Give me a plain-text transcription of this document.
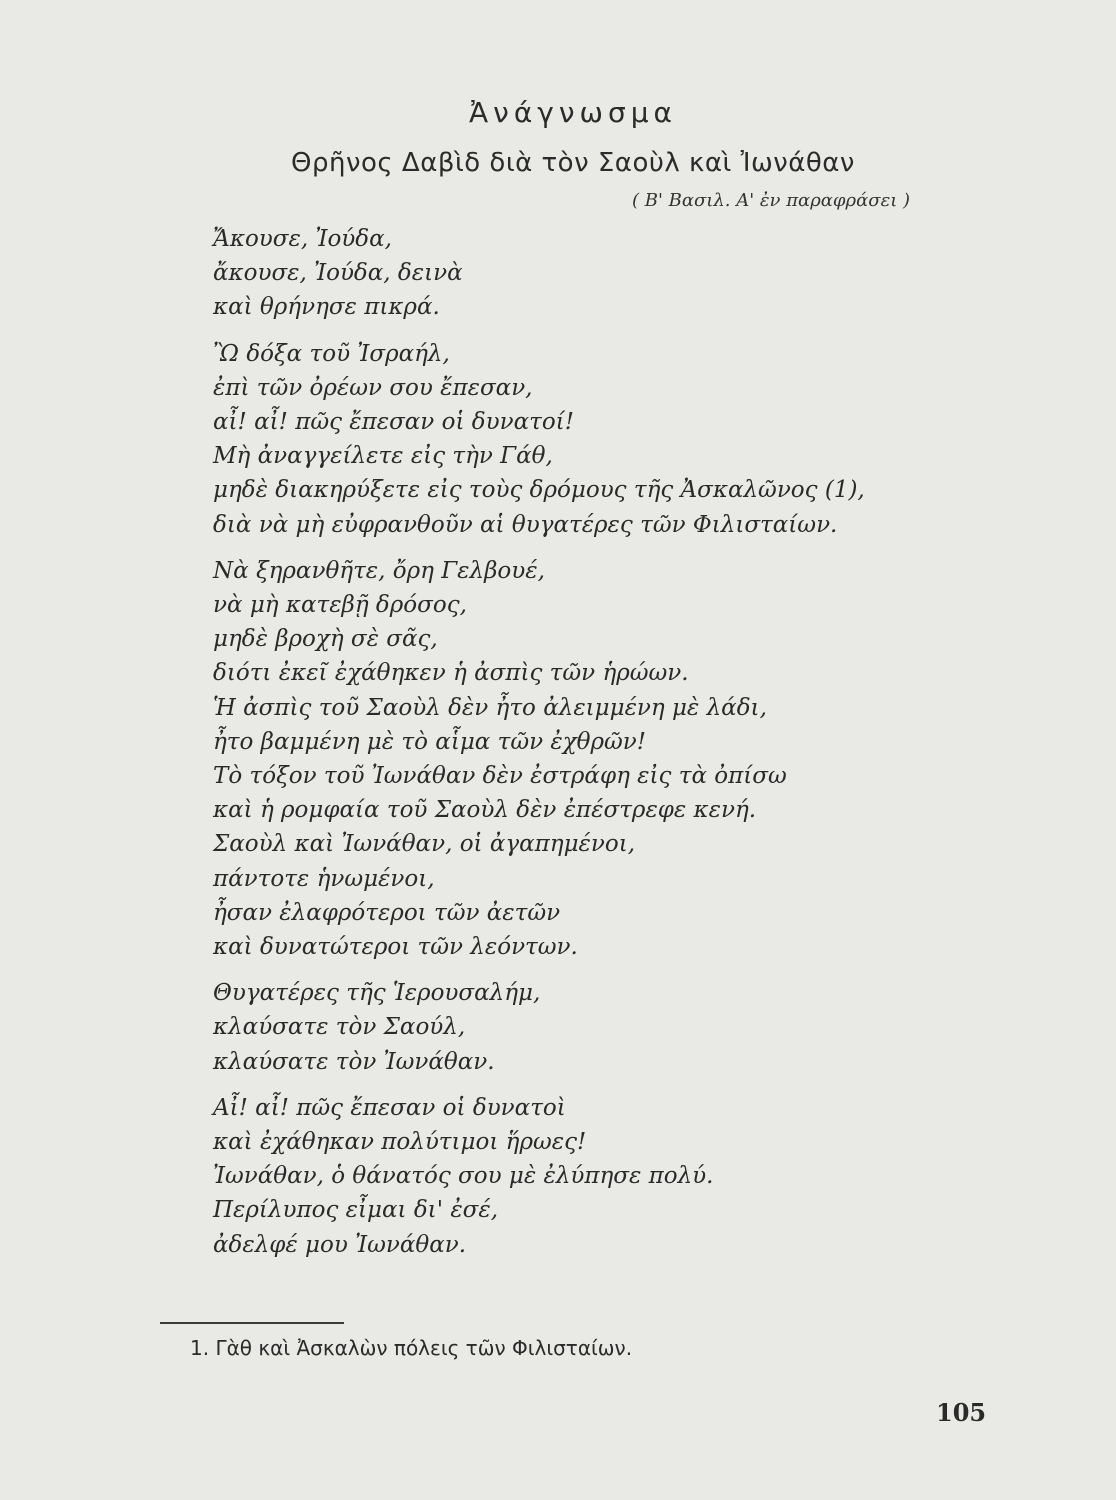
Ἀνάγνωσμα
Θρῆνος Δαβὶδ διὰ τὸν Σαοὺλ καὶ Ἰωνάθαν
( Β' Βασιλ. Α' ἐν παραφράσει )
Ἄκουσε, Ἰούδα,
ἄκουσε, Ἰούδα, δεινὰ
καὶ θρήνησε πικρά.
Ὢ δόξα τοῦ Ἰσραήλ,
ἐπὶ τῶν ὀρέων σου ἔπεσαν,
αἶ! αἶ! πῶς ἔπεσαν οἱ δυνατοί!
Μὴ ἀναγγείλετε εἰς τὴν Γάθ,
μηδὲ διακηρύξετε εἰς τοὺς δρόμους τῆς Ἀσκαλῶνος (1),
διὰ νὰ μὴ εὐφρανθοῦν αἱ θυγατέρες τῶν Φιλισταίων.
Νὰ ξηρανθῆτε, ὄρη Γελβουέ,
νὰ μὴ κατεβῇ δρόσος,
μηδὲ βροχὴ σὲ σᾶς,
διότι ἐκεῖ ἐχάθηκεν ἡ ἀσπὶς τῶν ἡρώων.
Ἡ ἀσπὶς τοῦ Σαοὺλ δὲν ἦτο ἀλειμμένη μὲ λάδι,
ἦτο βαμμένη μὲ τὸ αἷμα τῶν ἐχθρῶν!
Τὸ τόξον τοῦ Ἰωνάθαν δὲν ἐστράφη εἰς τὰ ὀπίσω
καὶ ἡ ρομφαία τοῦ Σαοὺλ δὲν ἐπέστρεφε κενή.
Σαοὺλ καὶ Ἰωνάθαν, οἱ ἀγαπημένοι,
πάντοτε ἡνωμένοι,
ἦσαν ἐλαφρότεροι τῶν ἀετῶν
καὶ δυνατώτεροι τῶν λεόντων.
Θυγατέρες τῆς Ἱερουσαλήμ,
κλαύσατε τὸν Σαούλ,
κλαύσατε τὸν Ἰωνάθαν.
Αἶ! αἶ! πῶς ἔπεσαν οἱ δυνατοὶ
καὶ ἐχάθηκαν πολύτιμοι ἥρωες!
Ἰωνάθαν, ὁ θάνατός σου μὲ ἐλύπησε πολύ.
Περίλυπος εἶμαι δι' ἐσέ,
ἀδελφέ μου Ἰωνάθαν.
1. Γὰθ καὶ Ἀσκαλὼν πόλεις τῶν Φιλισταίων.
105
